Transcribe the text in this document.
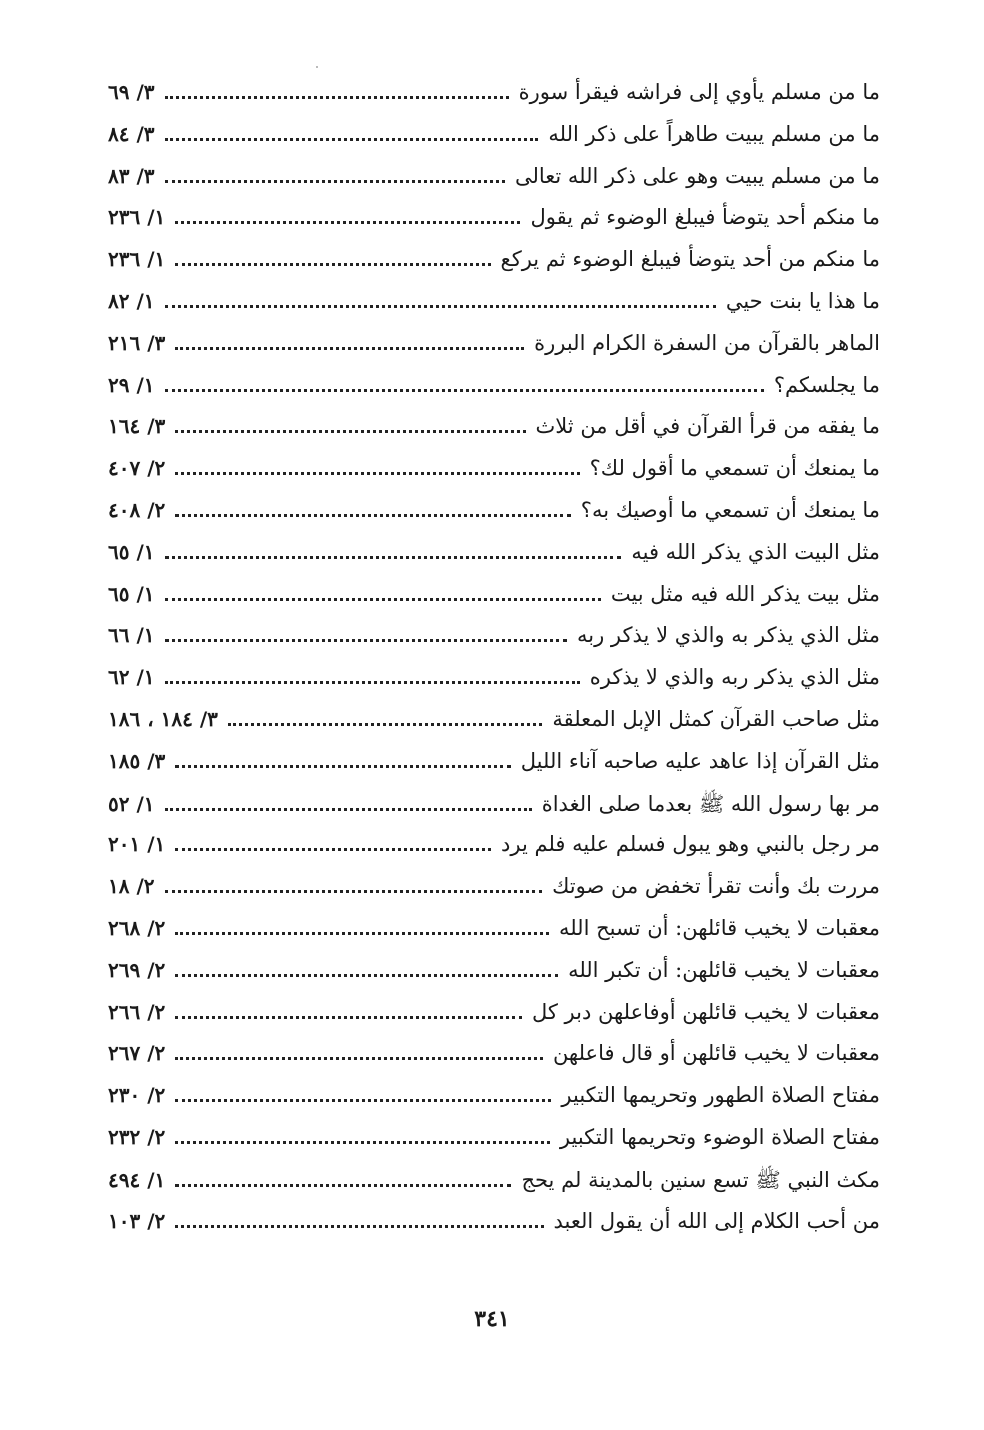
ما من مسلم يأوي إلى فراشه فيقرأ سورة
٣/ ٦٩
ما من مسلم يبيت طاهراً على ذكر الله
٣/ ٨٤
ما من مسلم يبيت وهو على ذكر الله تعالى
٣/ ٨٣
ما منكم أحد يتوضأ فيبلغ الوضوء ثم يقول
١/ ٢٣٦
ما منكم من أحد يتوضأ فيبلغ الوضوء ثم يركع
١/ ٢٣٦
ما هذا يا بنت حيي
١/ ٨٢
الماهر بالقرآن من السفرة الكرام البررة
٣/ ٢١٦
ما يجلسكم؟
١/ ٢٩
ما يفقه من قرأ القرآن في أقل من ثلاث
٣/ ١٦٤
ما يمنعك أن تسمعي ما أقول لك؟
٢/ ٤٠٧
ما يمنعك أن تسمعي ما أوصيك به؟
٢/ ٤٠٨
مثل البيت الذي يذكر الله فيه
١/ ٦٥
مثل بيت يذكر الله فيه مثل بيت
١/ ٦٥
مثل الذي يذكر به والذي لا يذكر ربه
١/ ٦٦
مثل الذي يذكر ربه والذي لا يذكره
١/ ٦٢
مثل صاحب القرآن كمثل الإبل المعلقة
٣/ ١٨٤ ، ١٨٦
مثل القرآن إذا عاهد عليه صاحبه آناء الليل
٣/ ١٨٥
مر بها رسول الله ﷺ بعدما صلى الغداة
١/ ٥٢
مر رجل بالنبي وهو يبول فسلم عليه فلم يرد
١/ ٢٠١
مررت بك وأنت تقرأ تخفض من صوتك
٢/ ١٨
معقبات لا يخيب قائلهن: أن تسبح الله
٢/ ٢٦٨
معقبات لا يخيب قائلهن: أن تكبر الله
٢/ ٢٦٩
معقبات لا يخيب قائلهن أوفاعلهن دبر كل
٢/ ٢٦٦
معقبات لا يخيب قائلهن أو قال فاعلهن
٢/ ٢٦٧
مفتاح الصلاة الطهور وتحريمها التكبير
٢/ ٢٣٠
مفتاح الصلاة الوضوء وتحريمها التكبير
٢/ ٢٣٢
مكث النبي ﷺ تسع سنين بالمدينة لم يحج
١/ ٤٩٤
من أحب الكلام إلى الله أن يقول العبد
٢/ ١٠٣
٣٤١
